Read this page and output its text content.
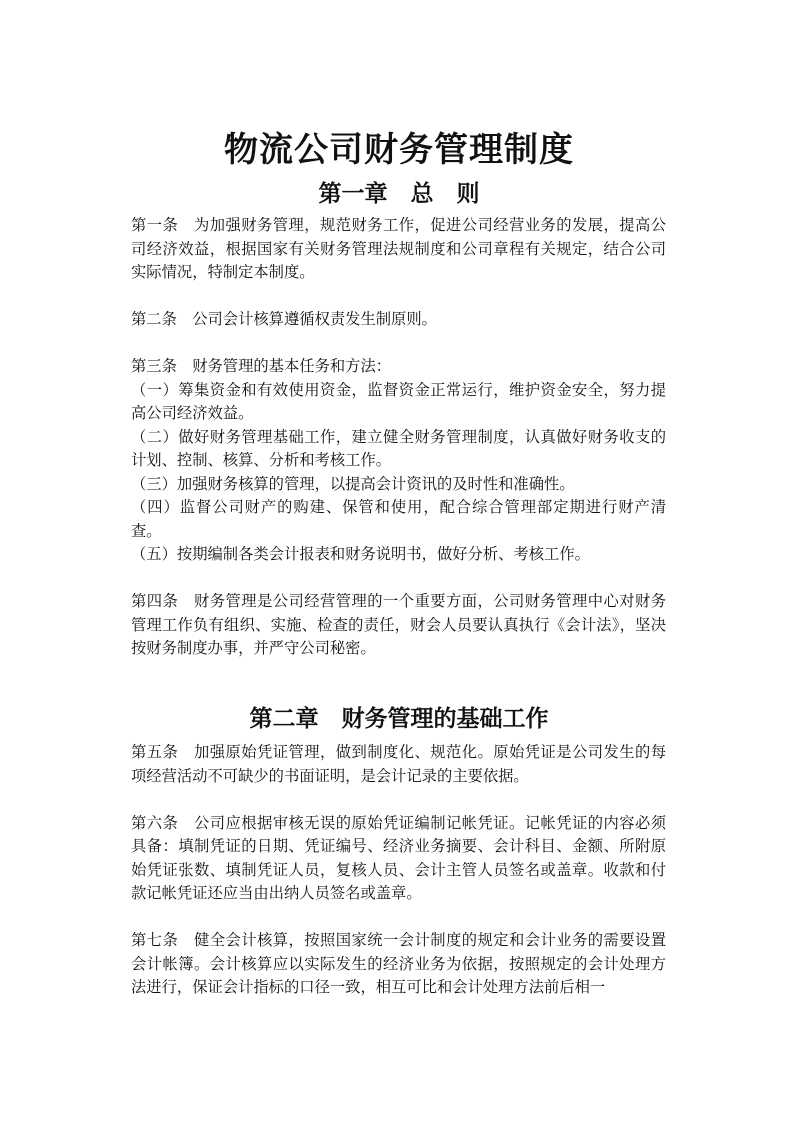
物流公司财务管理制度
第一章　总　则

第一条　为加强财务管理，规范财务工作，促进公司经营业务的发展，提高公司经济效益，根据国家有关财务管理法规制度和公司章程有关规定，结合公司实际情况，特制定本制度。

第二条　公司会计核算遵循权责发生制原则。

第三条　财务管理的基本任务和方法：

（一）筹集资金和有效使用资金，监督资金正常运行，维护资金安全，努力提高公司经济效益。

（二）做好财务管理基础工作，建立健全财务管理制度，认真做好财务收支的计划、控制、核算、分析和考核工作。

（三）加强财务核算的管理，以提高会计资讯的及时性和准确性。

（四）监督公司财产的购建、保管和使用，配合综合管理部定期进行财产清查。

（五）按期编制各类会计报表和财务说明书，做好分析、考核工作。

第四条　财务管理是公司经营管理的一个重要方面，公司财务管理中心对财务管理工作负有组织、实施、检查的责任，财会人员要认真执行《会计法》，坚决按财务制度办事，并严守公司秘密。

第二章　财务管理的基础工作

第五条　加强原始凭证管理，做到制度化、规范化。原始凭证是公司发生的每项经营活动不可缺少的书面证明，是会计记录的主要依据。

第六条　公司应根据审核无误的原始凭证编制记帐凭证。记帐凭证的内容必须具备：填制凭证的日期、凭证编号、经济业务摘要、会计科目、金额、所附原始凭证张数、填制凭证人员，复核人员、会计主管人员签名或盖章。收款和付款记帐凭证还应当由出纳人员签名或盖章。

第七条　健全会计核算，按照国家统一会计制度的规定和会计业务的需要设置会计帐簿。会计核算应以实际发生的经济业务为依据，按照规定的会计处理方法进行，保证会计指标的口径一致，相互可比和会计处理方法前后相一
